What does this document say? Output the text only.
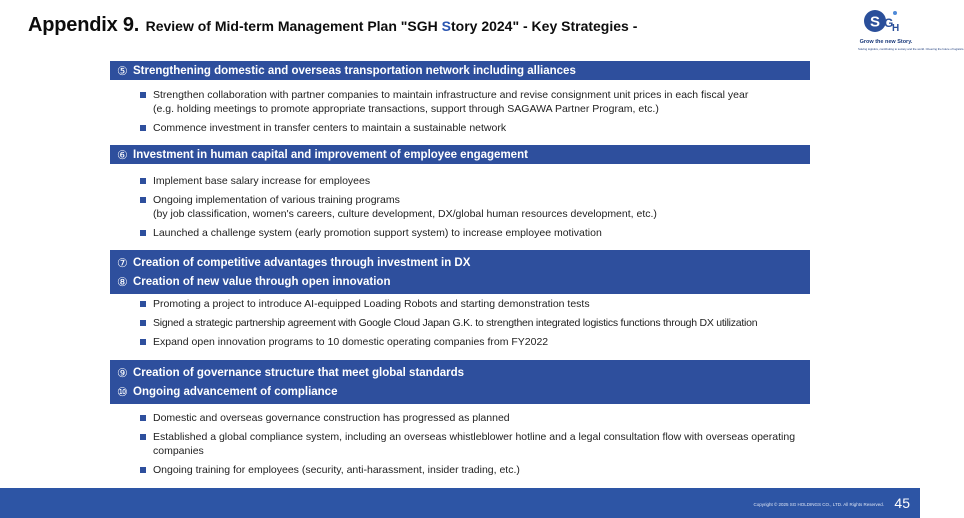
Appendix 9. Review of Mid-term Management Plan "SGH Story 2024" - Key Strategies -	S G
H
Grow the new Story.
Solving logistics, contributing to society and the world. Cheering the future of logistics.
⑤ Strengthening domestic and overseas transportation network including alliances
Strengthen collaboration with partner companies to maintain infrastructure and revise consignment unit prices in each fiscal year
(e.g. holding meetings to promote appropriate transactions, support through SAGAWA Partner Program, etc.)
Commence investment in transfer centers to maintain a sustainable network
⑥ Investment in human capital and improvement of employee engagement
Implement base salary increase for employees
Ongoing implementation of various training programs
(by job classification, women's careers, culture development, DX/global human resources development, etc.)
Launched a challenge system (early promotion support system) to increase employee motivation
⑦ Creation of competitive advantages through investment in DX
⑧ Creation of new value through open innovation
Promoting a project to introduce AI-equipped Loading Robots and starting demonstration tests
Signed a strategic partnership agreement with Google Cloud Japan G.K. to strengthen integrated logistics functions through DX utilization
Expand open innovation programs to 10 domestic operating companies from FY2022
⑨ Creation of governance structure that meet global standards
⑩ Ongoing advancement of compliance
Domestic and overseas governance construction has progressed as planned
Established a global compliance system, including an overseas whistleblower hotline and a legal consultation flow with overseas operating companies
Ongoing training for employees (security, anti-harassment, insider trading, etc.)
Copyright © 2025 SG HOLDINGS CO., LTD. All Rights Reserved. 45
